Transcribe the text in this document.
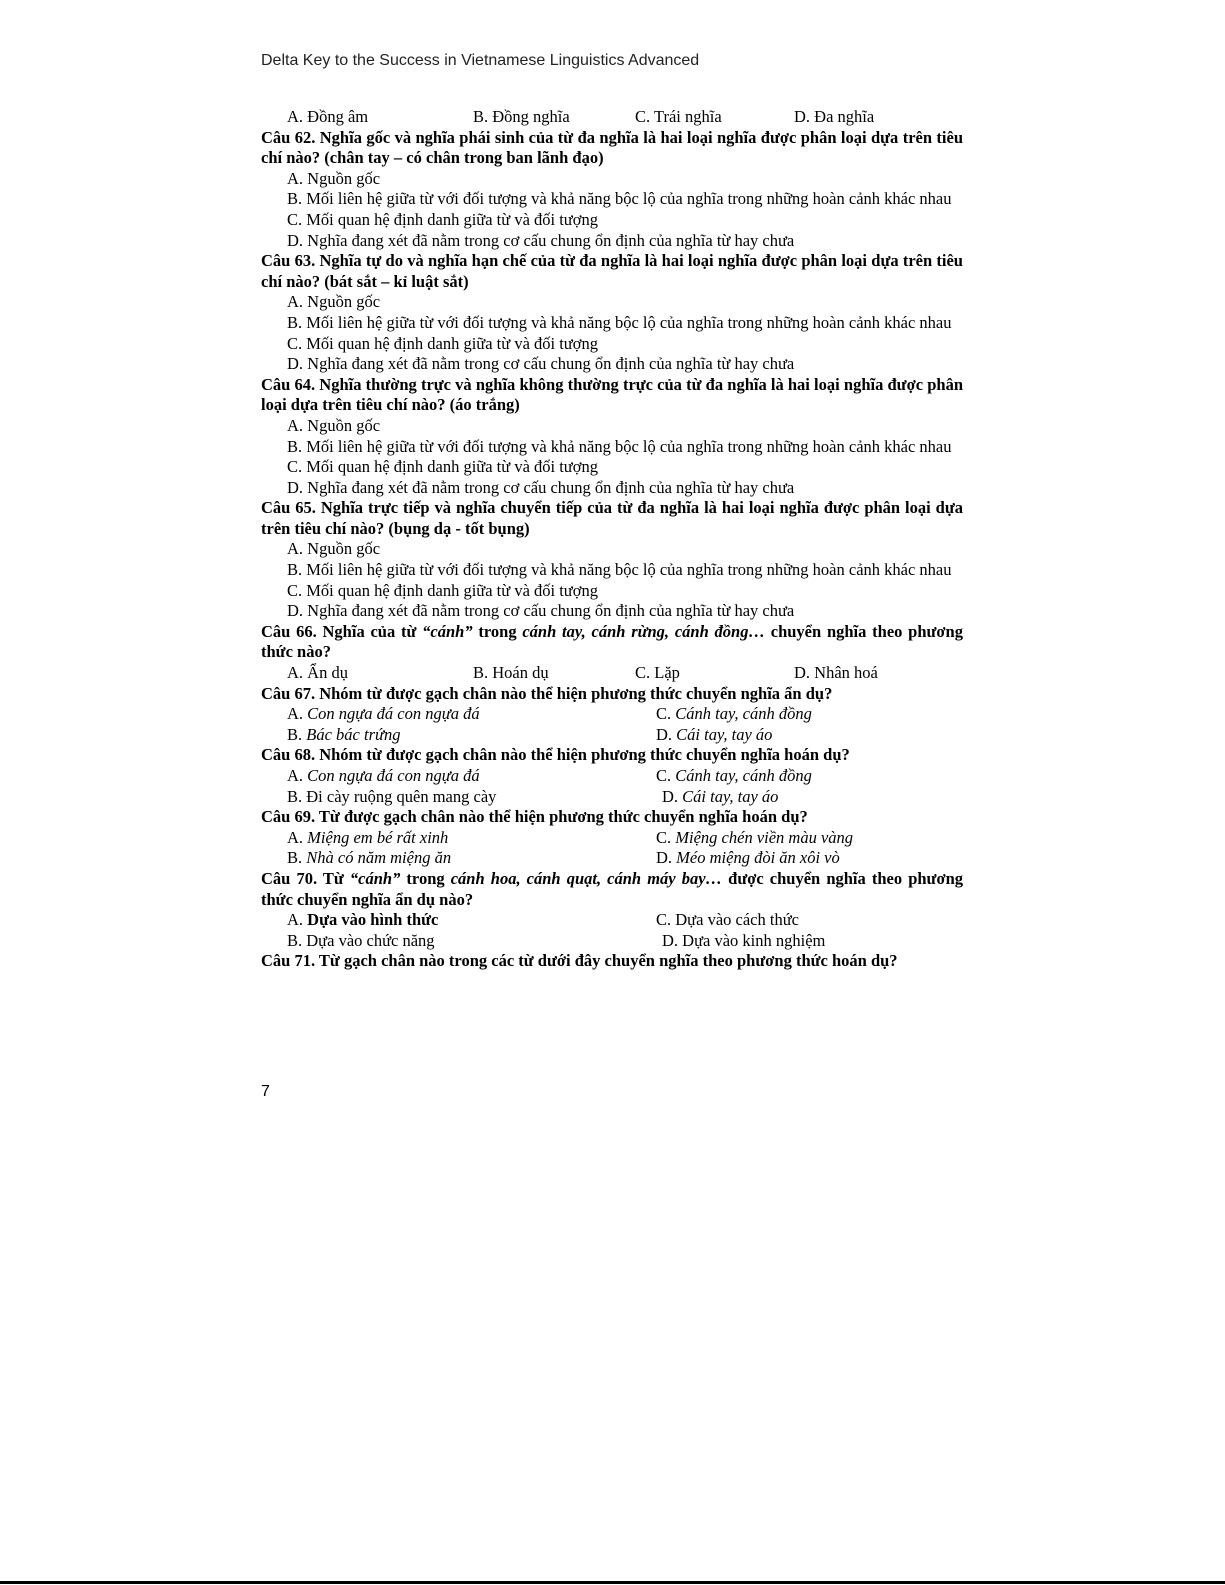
Delta Key to the Success in Vietnamese Linguistics Advanced
A. Đồng âm	B. Đồng nghĩa	C. Trái nghĩa	D. Đa nghĩa
Câu 62. Nghĩa gốc và nghĩa phái sinh của từ đa nghĩa là hai loại nghĩa được phân loại dựa trên tiêu chí nào? (chân tay – có chân trong ban lãnh đạo)
A. Nguồn gốc
B. Mối liên hệ giữa từ với đối tượng và khả năng bộc lộ của nghĩa trong những hoàn cảnh khác nhau
C. Mối quan hệ định danh giữa từ và đối tượng
D. Nghĩa đang xét đã nằm trong cơ cấu chung ổn định của nghĩa từ hay chưa
Câu 63. Nghĩa tự do và nghĩa hạn chế của từ đa nghĩa là hai loại nghĩa được phân loại dựa trên tiêu chí nào? (bát sắt – kỉ luật sắt)
A. Nguồn gốc
B. Mối liên hệ giữa từ với đối tượng và khả năng bộc lộ của nghĩa trong những hoàn cảnh khác nhau
C. Mối quan hệ định danh giữa từ và đối tượng
D. Nghĩa đang xét đã nằm trong cơ cấu chung ổn định của nghĩa từ hay chưa
Câu 64. Nghĩa thường trực và nghĩa không thường trực của từ đa nghĩa là hai loại nghĩa được phân loại dựa trên tiêu chí nào? (áo trắng)
A. Nguồn gốc
B. Mối liên hệ giữa từ với đối tượng và khả năng bộc lộ của nghĩa trong những hoàn cảnh khác nhau
C. Mối quan hệ định danh giữa từ và đối tượng
D. Nghĩa đang xét đã nằm trong cơ cấu chung ổn định của nghĩa từ hay chưa
Câu 65. Nghĩa trực tiếp và nghĩa chuyển tiếp của từ đa nghĩa là hai loại nghĩa được phân loại dựa trên tiêu chí nào? (bụng dạ - tốt bụng)
A. Nguồn gốc
B. Mối liên hệ giữa từ với đối tượng và khả năng bộc lộ của nghĩa trong những hoàn cảnh khác nhau
C. Mối quan hệ định danh giữa từ và đối tượng
D. Nghĩa đang xét đã nằm trong cơ cấu chung ổn định của nghĩa từ hay chưa
Câu 66. Nghĩa của từ “cánh” trong cánh tay, cánh rừng, cánh đồng… chuyển nghĩa theo phương thức nào?
A. Ẩn dụ	B. Hoán dụ	C. Lặp	D. Nhân hoá
Câu 67. Nhóm từ được gạch chân nào thể hiện phương thức chuyển nghĩa ẩn dụ?
A. Con ngựa đá con ngựa đá	C. Cánh tay, cánh đồng
B. Bác bác trứng	D. Cái tay, tay áo
Câu 68. Nhóm từ được gạch chân nào thể hiện phương thức chuyển nghĩa hoán dụ?
A. Con ngựa đá con ngựa đá	C. Cánh tay, cánh đồng
B. Đi cày ruộng quên mang cày	D. Cái tay, tay áo
Câu 69. Từ được gạch chân nào thể hiện phương thức chuyển nghĩa hoán dụ?
A. Miệng em bé rất xinh	C. Miệng chén viền màu vàng
B. Nhà có năm miệng ăn	D. Méo miệng đòi ăn xôi vò
Câu 70. Từ “cánh” trong cánh hoa, cánh quạt, cánh máy bay… được chuyển nghĩa theo phương thức chuyển nghĩa ẩn dụ nào?
A. Dựa vào hình thức	C. Dựa vào cách thức
B. Dựa vào chức năng	D. Dựa vào kinh nghiệm
Câu 71. Từ gạch chân nào trong các từ dưới đây chuyển nghĩa theo phương thức hoán dụ?
7
